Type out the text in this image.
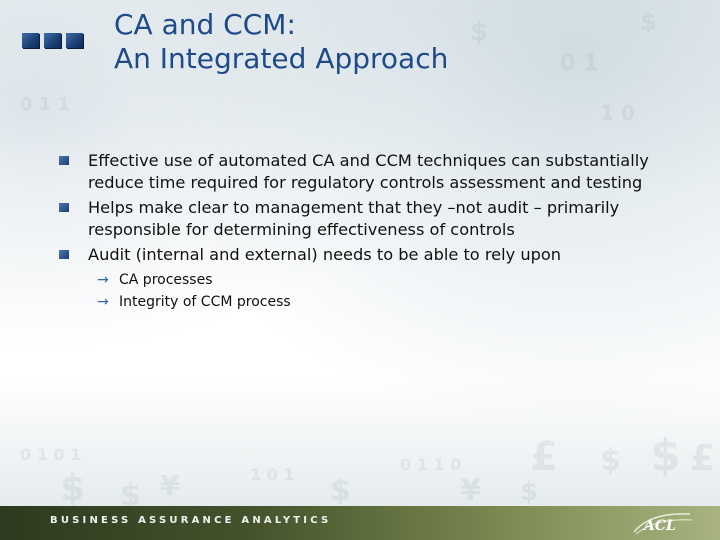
$
0 1
$
1 0
0 1 1
£ $ $ £
$ $ ¥	$	¥ $
0 1 0 1
1 0 1
0 1 1 0
CA and CCM:
An Integrated Approach
Effective use of automated CA and CCM techniques can substantially reduce time required for regulatory controls assessment and testing
Helps make clear to management that they –not audit – primarily responsible for determining effectiveness of controls
Audit (internal and external) needs to be able to rely upon
→ CA processes
→ Integrity of CCM process
BUSINESS ASSURANCE ANALYTICS	ACL
